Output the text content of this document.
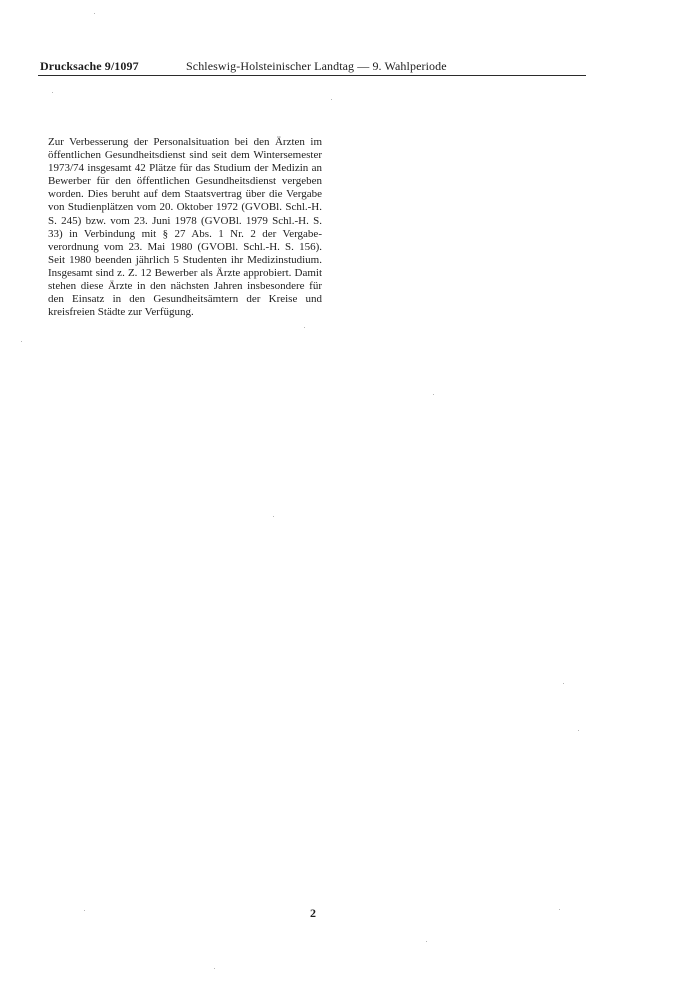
Drucksache 9/1097	Schleswig-Holsteinischer Landtag — 9. Wahlperiode

Zur Verbesserung der Personalsituation bei den Ärzten im öffentlichen Gesundheitsdienst sind seit dem Wintersemester 1973/74 insgesamt 42 Plätze für das Studium der Medizin an Bewerber für den öffentlichen Gesundheitsdienst vergeben worden. Dies beruht auf dem Staatsvertrag über die Vergabe von Studienplätzen vom 20. Oktober 1972 (GVOBl. Schl.-H. S. 245) bzw. vom 23. Juni 1978 (GVOBl. 1979 Schl.-H. S. 33) in Verbindung mit § 27 Abs. 1 Nr. 2 der Vergabeverordnung vom 23. Mai 1980 (GVOBl. Schl.-H. S. 156). Seit 1980 beenden jährlich 5 Studenten ihr Medizinstudium. Insgesamt sind z. Z. 12 Bewerber als Ärzte approbiert. Damit stehen diese Ärzte in den nächsten Jahren insbesondere für den Einsatz in den Gesundheitsämtern der Kreise und kreisfreien Städte zur Verfügung.

2
